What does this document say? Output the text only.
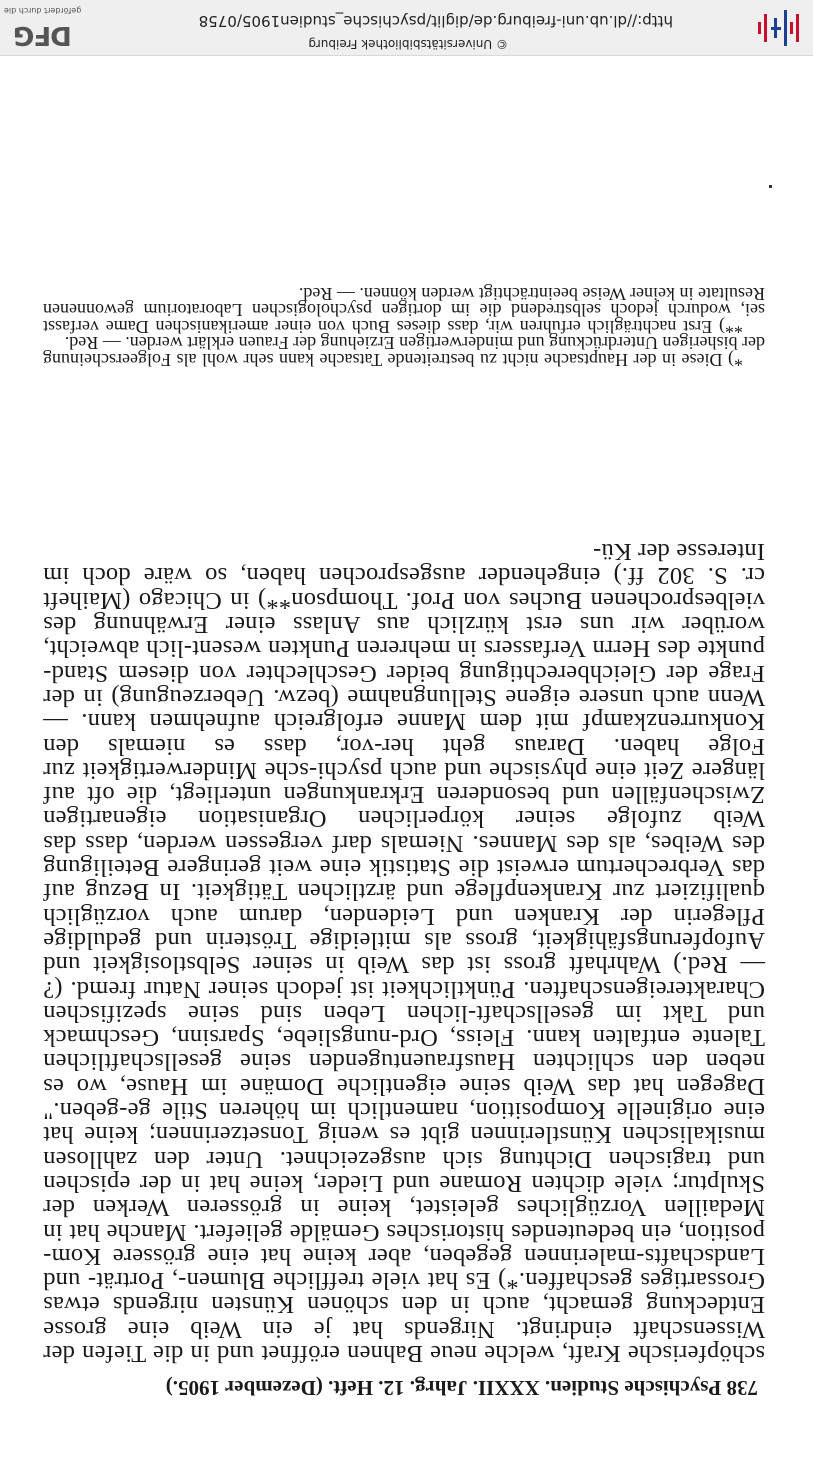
738 Psychische Studien. XXXII. Jahrg. 12. Heft. (Dezember 1905.)

schöpferische Kraft, welche neue Bahnen eröffnet und in die Tiefen der Wissenschaft eindringt. Nirgends hat je ein Weib eine grosse Entdeckung gemacht, auch in den schönen Künsten nirgends etwas Grossartiges geschaffen.*) Es hat viele treffliche Blumen-, Porträt- und Landschafts-malerinnen gegeben, aber keine hat eine grössere Kom-position, ein bedeutendes historisches Gemälde geliefert. Manche hat in Medaillen Vorzügliches geleistet, keine in grösseren Werken der Skulptur; viele dichten Romane und Lieder, keine hat in der epischen und tragischen Dichtung sich ausgezeichnet. Unter den zahllosen musikalischen Künstlerinnen gibt es wenig Tonsetzerinnen; keine hat eine originelle Komposition, namentlich im höheren Stile ge-geben." Dagegen hat das Weib seine eigentliche Domäne im Hause, wo es neben den schlichten Hausfrauentugenden seine gesellschaftlichen Talente entfalten kann. Fleiss, Ord-nungsliebe, Sparsinn, Geschmack und Takt im gesellschaft-lichen Leben sind seine spezifischen Charaktereigenschaften. Pünktlichkeit ist jedoch seiner Natur fremd. (? — Red.) Wahrhaft gross ist das Weib in seiner Selbstlosigkeit und Aufopferungsfähigkeit, gross als mitleidige Trösterin und geduldige Pflegerin der Kranken und Leidenden, darum auch vorzüglich qualifiziert zur Krankenpflege und ärztlichen Tätigkeit. In Bezug auf das Verbrechertum erweist die Statistik eine weit geringere Beteiligung des Weibes, als des Mannes. Niemals darf vergessen werden, dass das Weib zufolge seiner körperlichen Organisation eigenartigen Zwischenfällen und besonderen Erkrankungen unterliegt, die oft auf längere Zeit eine physische und auch psychi-sche Minderwertigkeit zur Folge haben. Daraus geht her-vor, dass es niemals den Konkurrenzkampf mit dem Manne erfolgreich aufnehmen kann. — Wenn auch unsere eigene Stellungnahme (bezw. Ueberzeugung) in der Frage der Gleichberechtigung beider Geschlechter von diesem Stand-punkte des Herrn Verfassers in mehreren Punkten wesent-lich abweicht, worüber wir uns erst kürzlich aus Anlass einer Erwähnung des vielbesprochenen Buches von Prof. Thompson**) in Chicago (Maiheft cr. S. 302 ff.) eingehender ausgesprochen haben, so wäre doch im Interesse der Kü-

*) Diese in der Hauptsache nicht zu bestreitende Tatsache kann sehr wohl als Folgeerscheinung der bisherigen Unterdrückung und minderwertigen Erziehung der Frauen erklärt werden. — Red.

**) Erst nachträglich erfuhren wir, dass dieses Buch von einer amerikanischen Dame verfasst sei, wodurch jedoch selbstredend die im dortigen psychologischen Laboratorium gewonnenen Resultate in keiner Weise beeinträchtigt werden können. — Red.

http://dl.ub.uni-freiburg.de/diglit/psychische_studien1905/0758
© Universitätsbibliothek Freiburg
DFG
gefördert durch die
